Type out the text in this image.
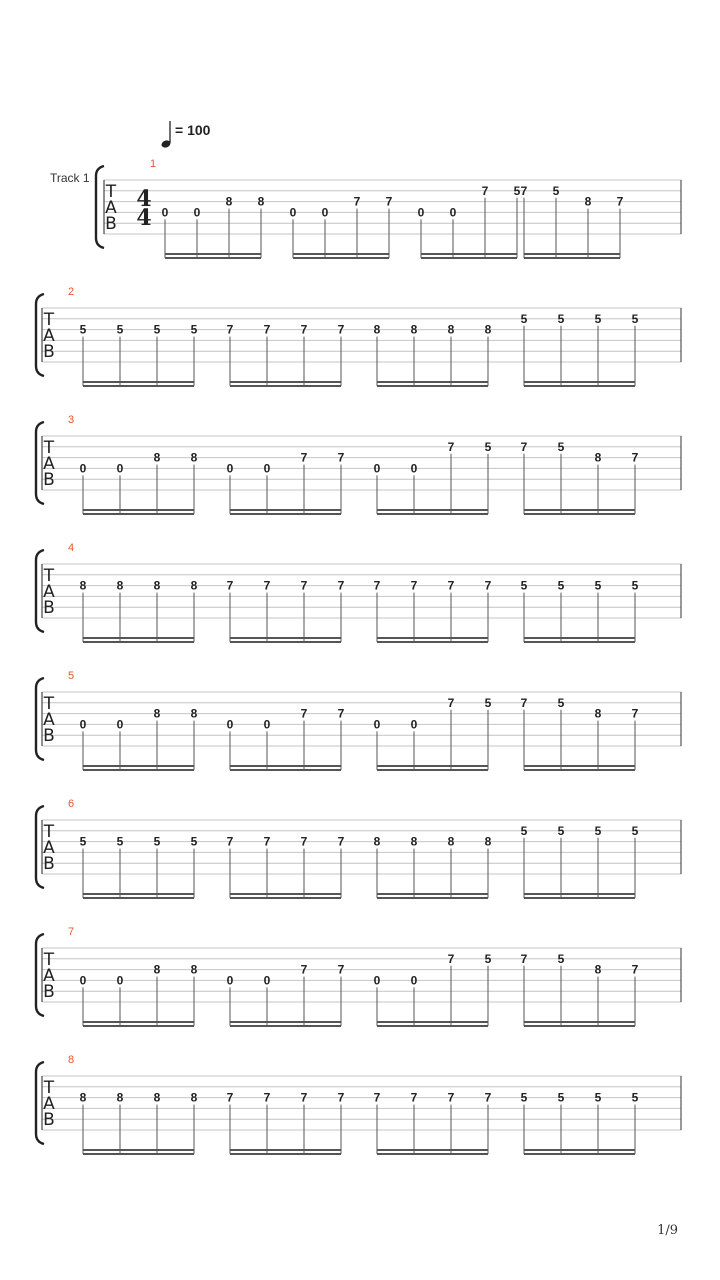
= 100
Track 1
1
T
A
B
4
4 0 0
8 8
0 0
7 7
0 0
7 5 7 5
8 7
2
T
A
B
5	5	5	5 7	7	7	7 8	8	8	8
5	5	5	5
3
T
A
B
0	0
8	8
0	0
7	7
0	0
7	5 7	5
8	7
4
T
A
B
8	8	8	8 7	7	7	7 7	7	7	7 5	5	5	5
5
T
A
B
0	0
8	8
0	0
7	7
0	0
7	5 7	5
8	7
6
T
A
B
5	5	5	5 7	7	7	7 8	8	8	8
5	5	5	5
7
T
A
B
0	0
8	8
0	0
7	7
0	0
7	5 7	5
8	7
8
T
A
B
8	8	8	8 7	7	7	7 7	7	7	7 5	5	5	5
1/9
